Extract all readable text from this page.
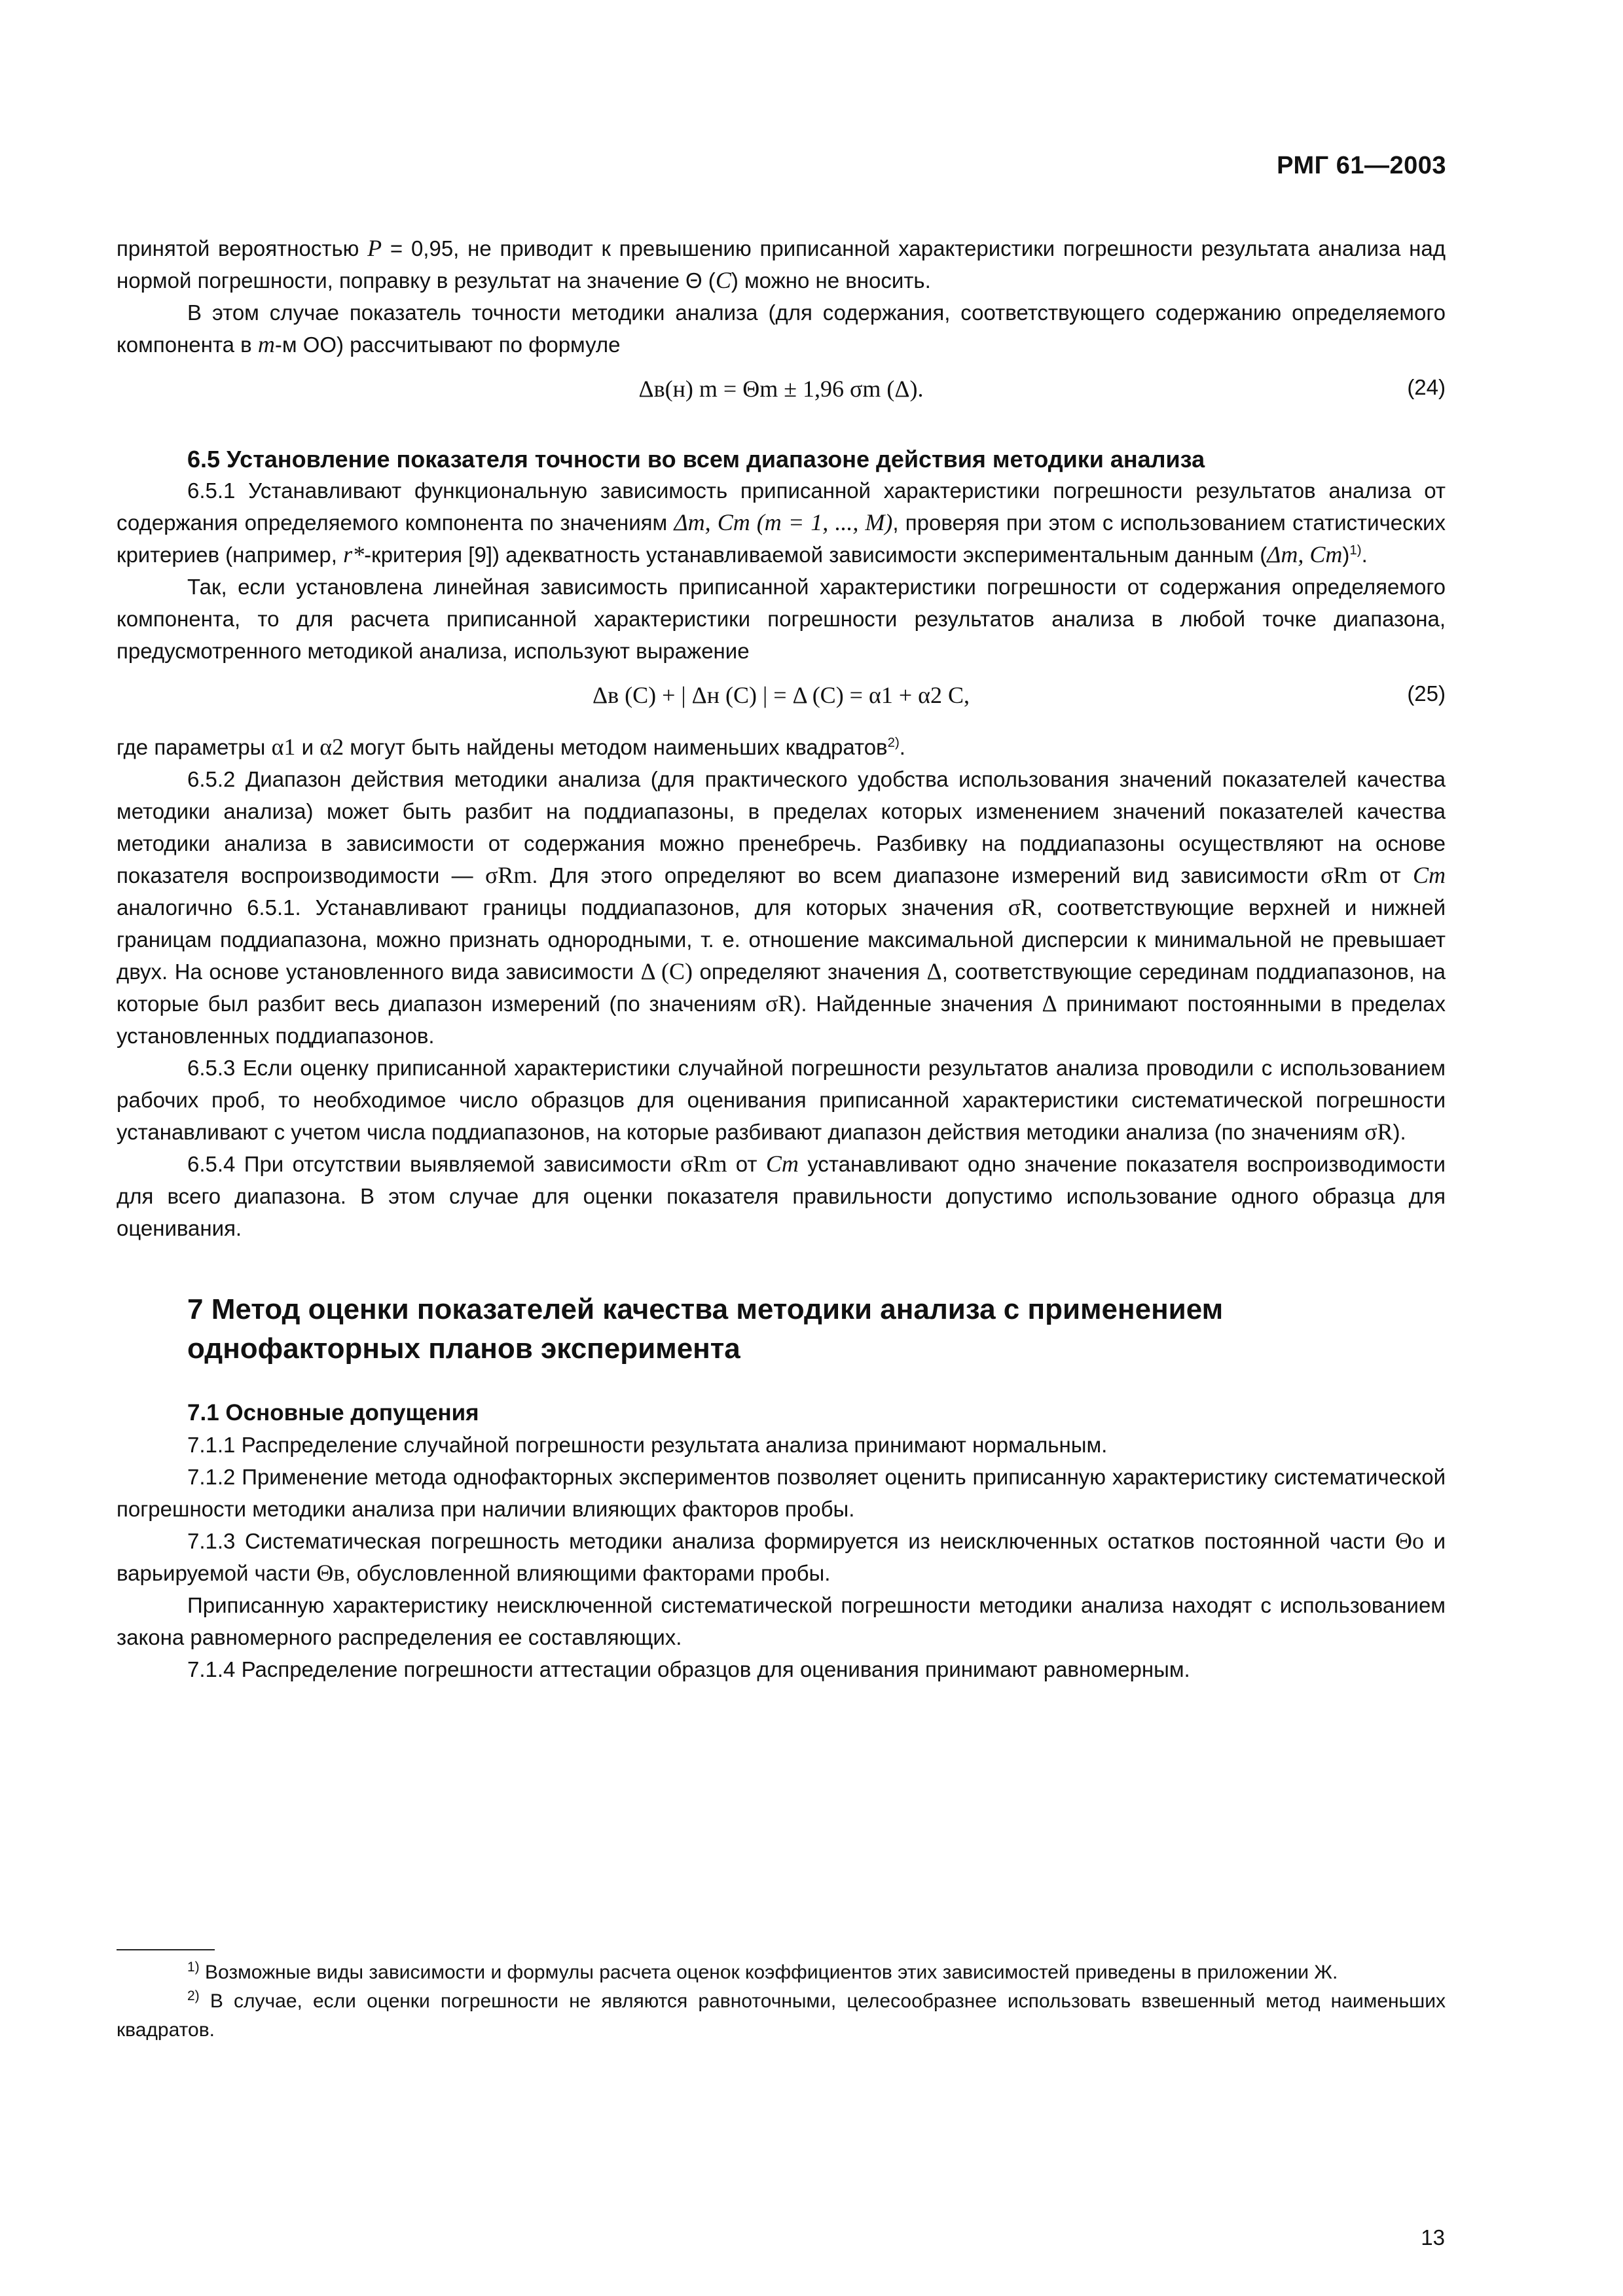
РМГ 61—2003

принятой вероятностью P = 0,95, не приводит к превышению приписанной характеристики погрешности результата анализа над нормой погрешности, поправку в результат на значение Θ (C) можно не вносить.

В этом случае показатель точности методики анализа (для содержания, соответствующего содержанию определяемого компонента в m-м ОО) рассчитывают по формуле

Δв(н) m = Θm ± 1,96 σm (Δ).	(24)
6.5 Установление показателя точности во всем диапазоне действия методики анализа

6.5.1 Устанавливают функциональную зависимость приписанной характеристики погрешности результатов анализа от содержания определяемого компонента по значениям Δm, Cm (m = 1, ..., M), проверяя при этом с использованием статистических критериев (например, r*-критерия [9]) адекватность устанавливаемой зависимости экспериментальным данным (Δm, Cm)$^{1)}$.

Так, если установлена линейная зависимость приписанной характеристики погрешности от содержания определяемого компонента, то для расчета приписанной характеристики погрешности результатов анализа в любой точке диапазона, предусмотренного методикой анализа, используют выражение

Δв (C) + | Δн (C) | = Δ (C) = α1 + α2 C,	(25)

где параметры α1 и α2 могут быть найдены методом наименьших квадратов$^{2)}$.

6.5.2 Диапазон действия методики анализа (для практического удобства использования значений показателей качества методики анализа) может быть разбит на поддиапазоны, в пределах которых изменением значений показателей качества методики анализа в зависимости от содержания можно пренебречь. Разбивку на поддиапазоны осуществляют на основе показателя воспроизводимости — σRm. Для этого определяют во всем диапазоне измерений вид зависимости σRm от Cm аналогично 6.5.1. Устанавливают границы поддиапазонов, для которых значения σR, соответствующие верхней и нижней границам поддиапазона, можно признать однородными, т. е. отношение максимальной дисперсии к минимальной не превышает двух. На основе установленного вида зависимости Δ (C) определяют значения Δ, соответствующие серединам поддиапазонов, на которые был разбит весь диапазон измерений (по значениям σR). Найденные значения Δ принимают постоянными в пределах установленных поддиапазонов.

6.5.3 Если оценку приписанной характеристики случайной погрешности результатов анализа проводили с использованием рабочих проб, то необходимое число образцов для оценивания приписанной характеристики систематической погрешности устанавливают с учетом числа поддиапазонов, на которые разбивают диапазон действия методики анализа (по значениям σR).

6.5.4 При отсутствии выявляемой зависимости σRm от Cm устанавливают одно значение показателя воспроизводимости для всего диапазона. В этом случае для оценки показателя правильности допустимо использование одного образца для оценивания.

7 Метод оценки показателей качества методики анализа с применением однофакторных планов эксперимента
7.1 Основные допущения

7.1.1 Распределение случайной погрешности результата анализа принимают нормальным.

7.1.2 Применение метода однофакторных экспериментов позволяет оценить приписанную характеристику систематической погрешности методики анализа при наличии влияющих факторов пробы.

7.1.3 Систематическая погрешность методики анализа формируется из неисключенных остатков постоянной части Θо и варьируемой части Θв, обусловленной влияющими факторами пробы.

Приписанную характеристику неисключенной систематической погрешности методики анализа находят с использованием закона равномерного распределения ее составляющих.

7.1.4 Распределение погрешности аттестации образцов для оценивания принимают равномерным.

$^{1)}$ Возможные виды зависимости и формулы расчета оценок коэффициентов этих зависимостей приведены в приложении Ж.

$^{2)}$ В случае, если оценки погрешности не являются равноточными, целесообразнее использовать взвешенный метод наименьших квадратов.

13
